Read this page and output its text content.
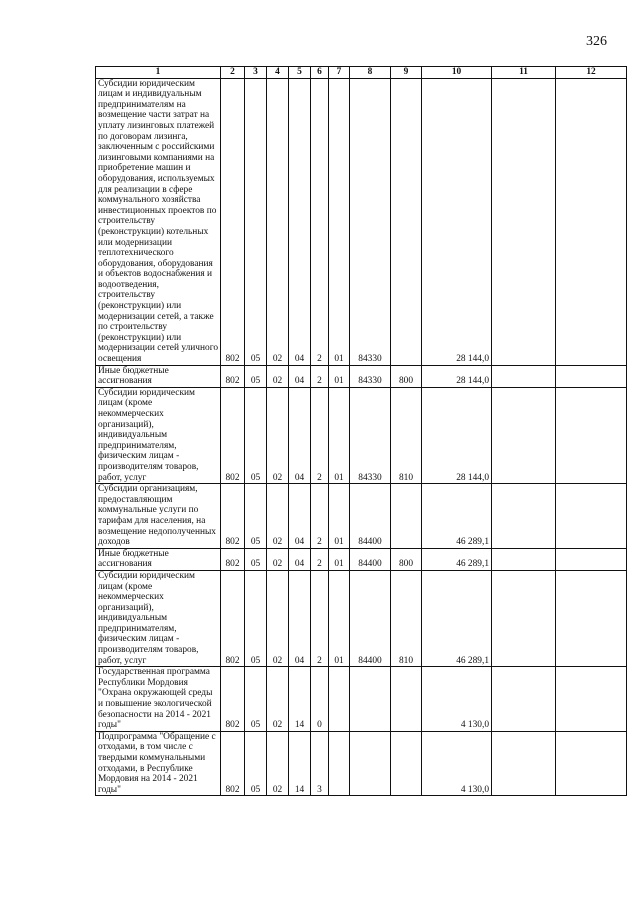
326
1	2	3	4	5	6	7	8	9	10	11	12
Субсидии юридическим лицам и индивидуальным предпринимателям на возмещение части затрат на уплату лизинговых платежей по договорам лизинга, заключенным с российскими лизинговыми компаниями на приобретение машин и оборудования, используемых для реализации в сфере коммунального хозяйства инвестиционных проектов по строительству (реконструкции) котельных или модернизации теплотехнического оборудования, оборудования и объектов водоснабжения и водоотведения, строительству (реконструкции) или модернизации сетей, а также по строительству (реконструкции) или модернизации сетей уличного освещения	802	05	02	04	2	01	84330		28 144,0		
Иные бюджетные ассигнования	802	05	02	04	2	01	84330	800	28 144,0		
Субсидии юридическим лицам (кроме некоммерческих организаций), индивидуальным предпринимателям, физическим лицам - производителям товаров, работ, услуг	802	05	02	04	2	01	84330	810	28 144,0		
Субсидии организациям, предоставляющим коммунальные услуги по тарифам для населения, на возмещение недополученных доходов	802	05	02	04	2	01	84400		46 289,1		
Иные бюджетные ассигнования	802	05	02	04	2	01	84400	800	46 289,1		
Субсидии юридическим лицам (кроме некоммерческих организаций), индивидуальным предпринимателям, физическим лицам - производителям товаров, работ, услуг	802	05	02	04	2	01	84400	810	46 289,1		
Государственная программа Республики Мордовия "Охрана окружающей среды и повышение экологической безопасности на 2014 - 2021 годы"	802	05	02	14	0				4 130,0		
Подпрограмма "Обращение с отходами, в том числе с твердыми коммунальными отходами, в Республике Мордовия на 2014 - 2021 годы"	802	05	02	14	3				4 130,0		
